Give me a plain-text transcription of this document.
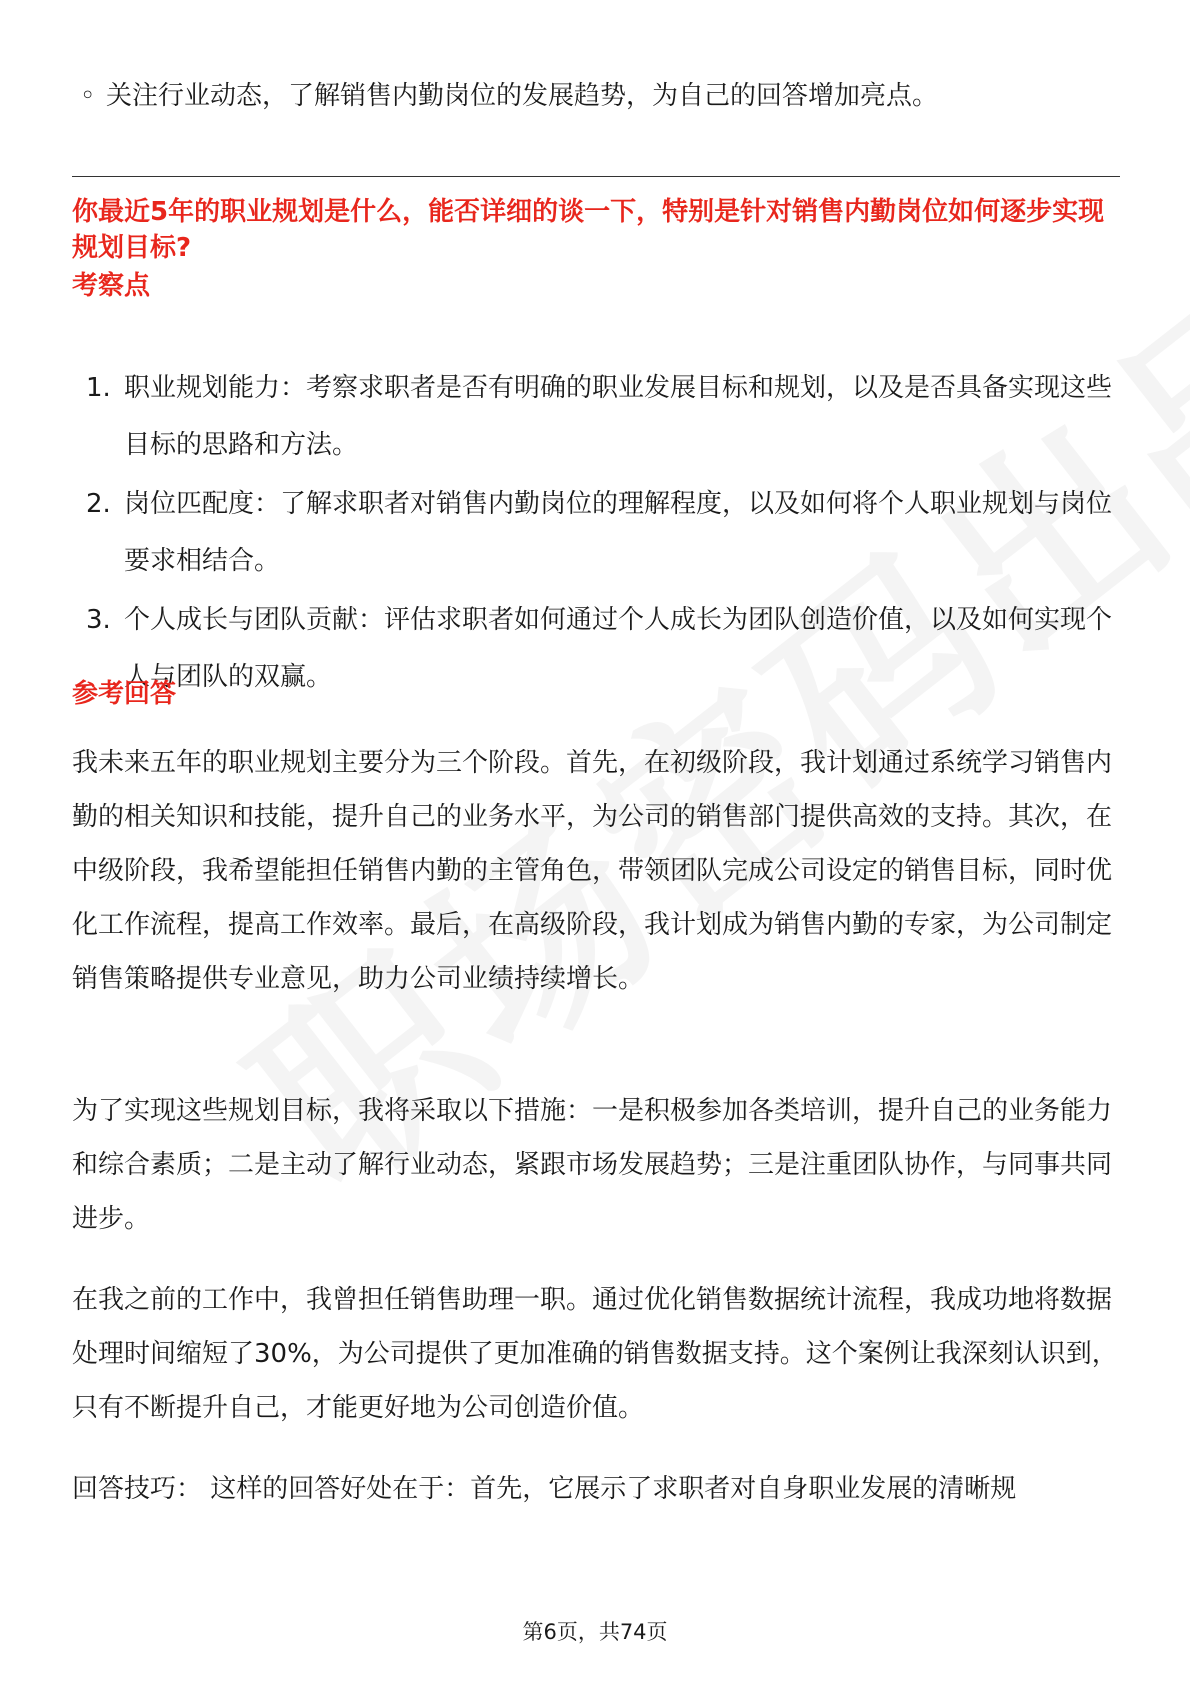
◦ 关注行业动态，了解销售内勤岗位的发展趋势，为自己的回答增加亮点。
你最近5年的职业规划是什么，能否详细的谈一下，特别是针对销售内勤岗位如何逐步实现规划目标?
考察点
1. 职业规划能力：考察求职者是否有明确的职业发展目标和规划，以及是否具备实现这些目标的思路和方法。
2. 岗位匹配度：了解求职者对销售内勤岗位的理解程度，以及如何将个人职业规划与岗位要求相结合。
3. 个人成长与团队贡献：评估求职者如何通过个人成长为团队创造价值，以及如何实现个人与团队的双赢。
参考回答

我未来五年的职业规划主要分为三个阶段。首先，在初级阶段，我计划通过系统学习销售内勤的相关知识和技能，提升自己的业务水平，为公司的销售部门提供高效的支持。其次，在中级阶段，我希望能担任销售内勤的主管角色，带领团队完成公司设定的销售目标，同时优化工作流程，提高工作效率。最后，在高级阶段，我计划成为销售内勤的专家，为公司制定销售策略提供专业意见，助力公司业绩持续增长。

为了实现这些规划目标，我将采取以下措施：一是积极参加各类培训，提升自己的业务能力和综合素质；二是主动了解行业动态，紧跟市场发展趋势；三是注重团队协作，与同事共同进步。

在我之前的工作中，我曾担任销售助理一职。通过优化销售数据统计流程，我成功地将数据处理时间缩短了30%，为公司提供了更加准确的销售数据支持。这个案例让我深刻认识到，只有不断提升自己，才能更好地为公司创造价值。

回答技巧： 这样的回答好处在于：首先，它展示了求职者对自身职业发展的清晰规

第6页，共74页
